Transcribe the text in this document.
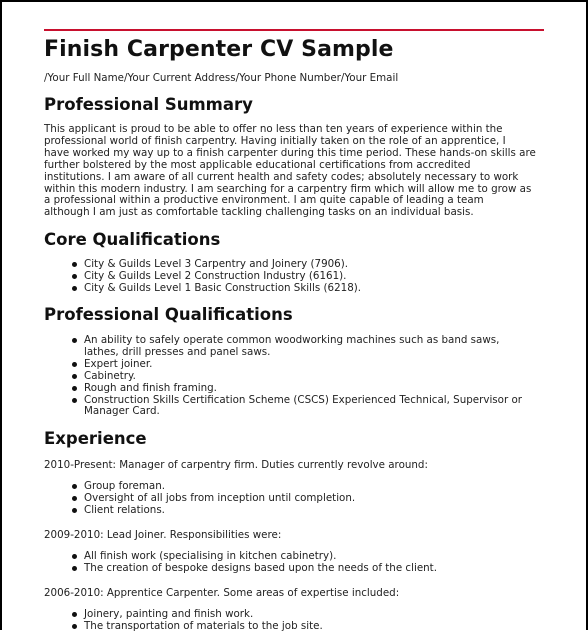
Finish Carpenter CV Sample
/Your Full Name/Your Current Address/Your Phone Number/Your Email
Professional Summary
This applicant is proud to be able to offer no less than ten years of experience within the
professional world of finish carpentry. Having initially taken on the role of an apprentice, I
have worked my way up to a finish carpenter during this time period. These hands-on skills are
further bolstered by the most applicable educational certifications from accredited
institutions. I am aware of all current health and safety codes; absolutely necessary to work
within this modern industry. I am searching for a carpentry firm which will allow me to grow as
a professional within a productive environment. I am quite capable of leading a team
although I am just as comfortable tackling challenging tasks on an individual basis.
Core Qualifications
City & Guilds Level 3 Carpentry and Joinery (7906).
City & Guilds Level 2 Construction Industry (6161).
City & Guilds Level 1 Basic Construction Skills (6218).
Professional Qualifications
An ability to safely operate common woodworking machines such as band saws,
lathes, drill presses and panel saws.
Expert joiner.
Cabinetry.
Rough and finish framing.
Construction Skills Certification Scheme (CSCS) Experienced Technical, Supervisor or
Manager Card.
Experience
2010-Present: Manager of carpentry firm. Duties currently revolve around:
Group foreman.
Oversight of all jobs from inception until completion.
Client relations.
2009-2010: Lead Joiner. Responsibilities were:
All finish work (specialising in kitchen cabinetry).
The creation of bespoke designs based upon the needs of the client.
2006-2010: Apprentice Carpenter. Some areas of expertise included:
Joinery, painting and finish work.
The transportation of materials to the job site.
